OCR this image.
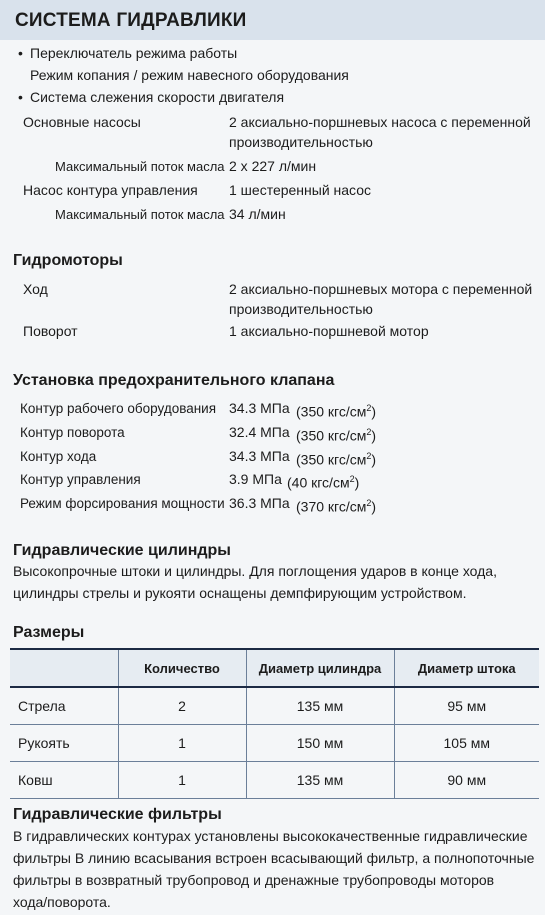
СИСТЕМА ГИДРАВЛИКИ
• Переключатель режима работы
Режим копания / режим навесного оборудования
• Система слежения скорости двигателя
Основные насосы	2 аксиально-поршневых насоса с переменной
производительностью
Максимальный поток масла 2 х 227 л/мин
Насос контура управления 1 шестеренный насос
Максимальный поток масла 34 л/мин
Гидромоторы
Ход	2 аксиально-поршневых мотора с переменной
производительностью
Поворот	1 аксиально-поршневой мотор
Установка предохранительного клапана
Контур рабочего оборудования 34.3 МПа (350 кгс/$см^2$)
Контур поворота	32.4 МПа (350 кгс/$см^2$)
Контур хода	34.3 МПа (350 кгс/$см^2$)
Контур управления	3.9 МПа (40 кгс/$см^2$)
Режим форсирования мощности 36.3 МПа (370 кгс/$см^2$)
Гидравлические цилиндры
Высокопрочные штоки и цилиндры. Для поглощения ударов в конце хода,
цилиндры стрелы и рукояти оснащены демпфирующим устройством.
Размеры
	Количество	Диаметр цилиндра	Диаметр штока
Стрела	2	135 мм	95 мм
Рукоять	1	150 мм	105 мм
Ковш	1	135 мм	90 мм
Гидравлические фильтры
В гидравлических контурах установлены высококачественные гидравлические
фильтры В линию всасывания встроен всасывающий фильтр, а полнопоточные
фильтры в возвратный трубопровод и дренажные трубопроводы моторов
хода/поворота.
